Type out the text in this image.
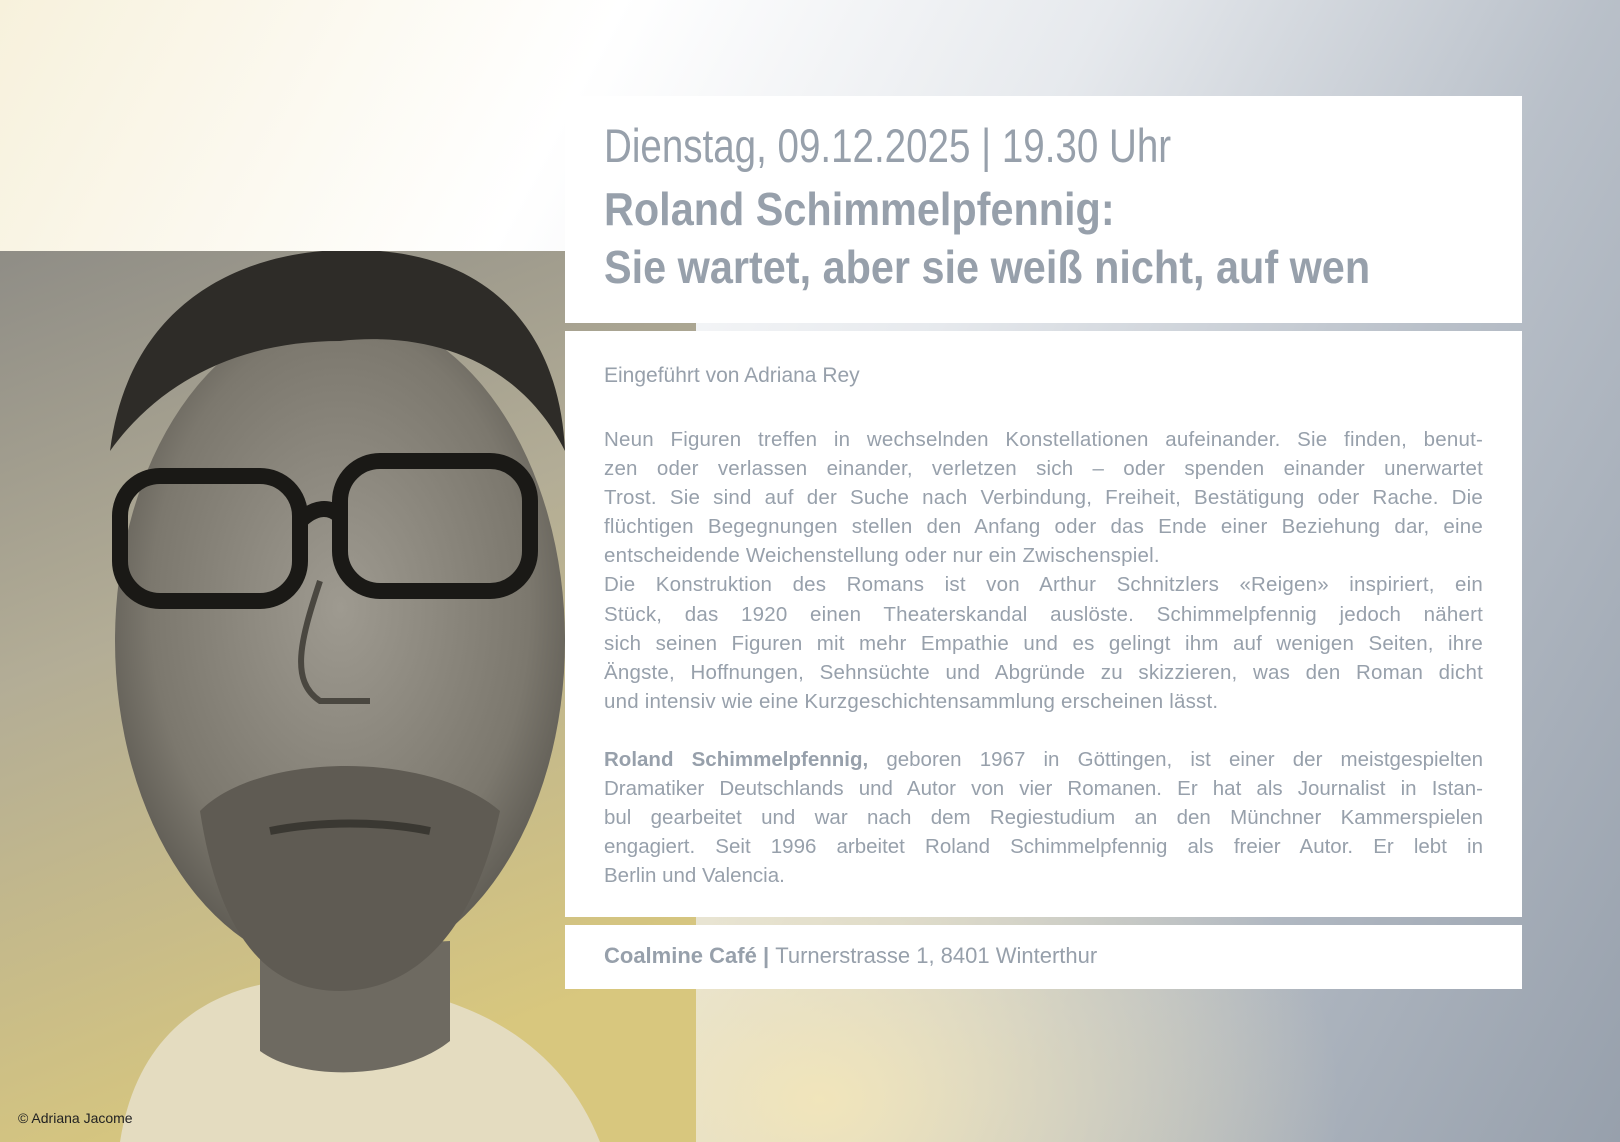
© Adriana Jacome
Dienstag, 09.12.2025 | 19.30 Uhr
Roland Schimmelpfennig:
Sie wartet, aber sie weiß nicht, auf wen
Eingeführt von Adriana Rey
Neun Figuren treffen in wechselnden Konstellationen aufeinander. Sie finden, benut-
zen oder verlassen einander, verletzen sich – oder spenden einander unerwartet
Trost. Sie sind auf der Suche nach Verbindung, Freiheit, Bestätigung oder Rache. Die
flüchtigen Begegnungen stellen den Anfang oder das Ende einer Beziehung dar, eine
entscheidende Weichenstellung oder nur ein Zwischenspiel.
Die Konstruktion des Romans ist von Arthur Schnitzlers «Reigen» inspiriert, ein
Stück, das 1920 einen Theaterskandal auslöste. Schimmelpfennig jedoch nähert
sich seinen Figuren mit mehr Empathie und es gelingt ihm auf wenigen Seiten, ihre
Ängste, Hoffnungen, Sehnsüchte und Abgründe zu skizzieren, was den Roman dicht
und intensiv wie eine Kurzgeschichtensammlung erscheinen lässt.
Roland Schimmelpfennig, geboren 1967 in Göttingen, ist einer der meistgespielten
Dramatiker Deutschlands und Autor von vier Romanen. Er hat als Journalist in Istan-
bul gearbeitet und war nach dem Regiestudium an den Münchner Kammerspielen
engagiert. Seit 1996 arbeitet Roland Schimmelpfennig als freier Autor. Er lebt in
Berlin und Valencia.
Coalmine Café | Turnerstrasse 1, 8401 Winterthur
